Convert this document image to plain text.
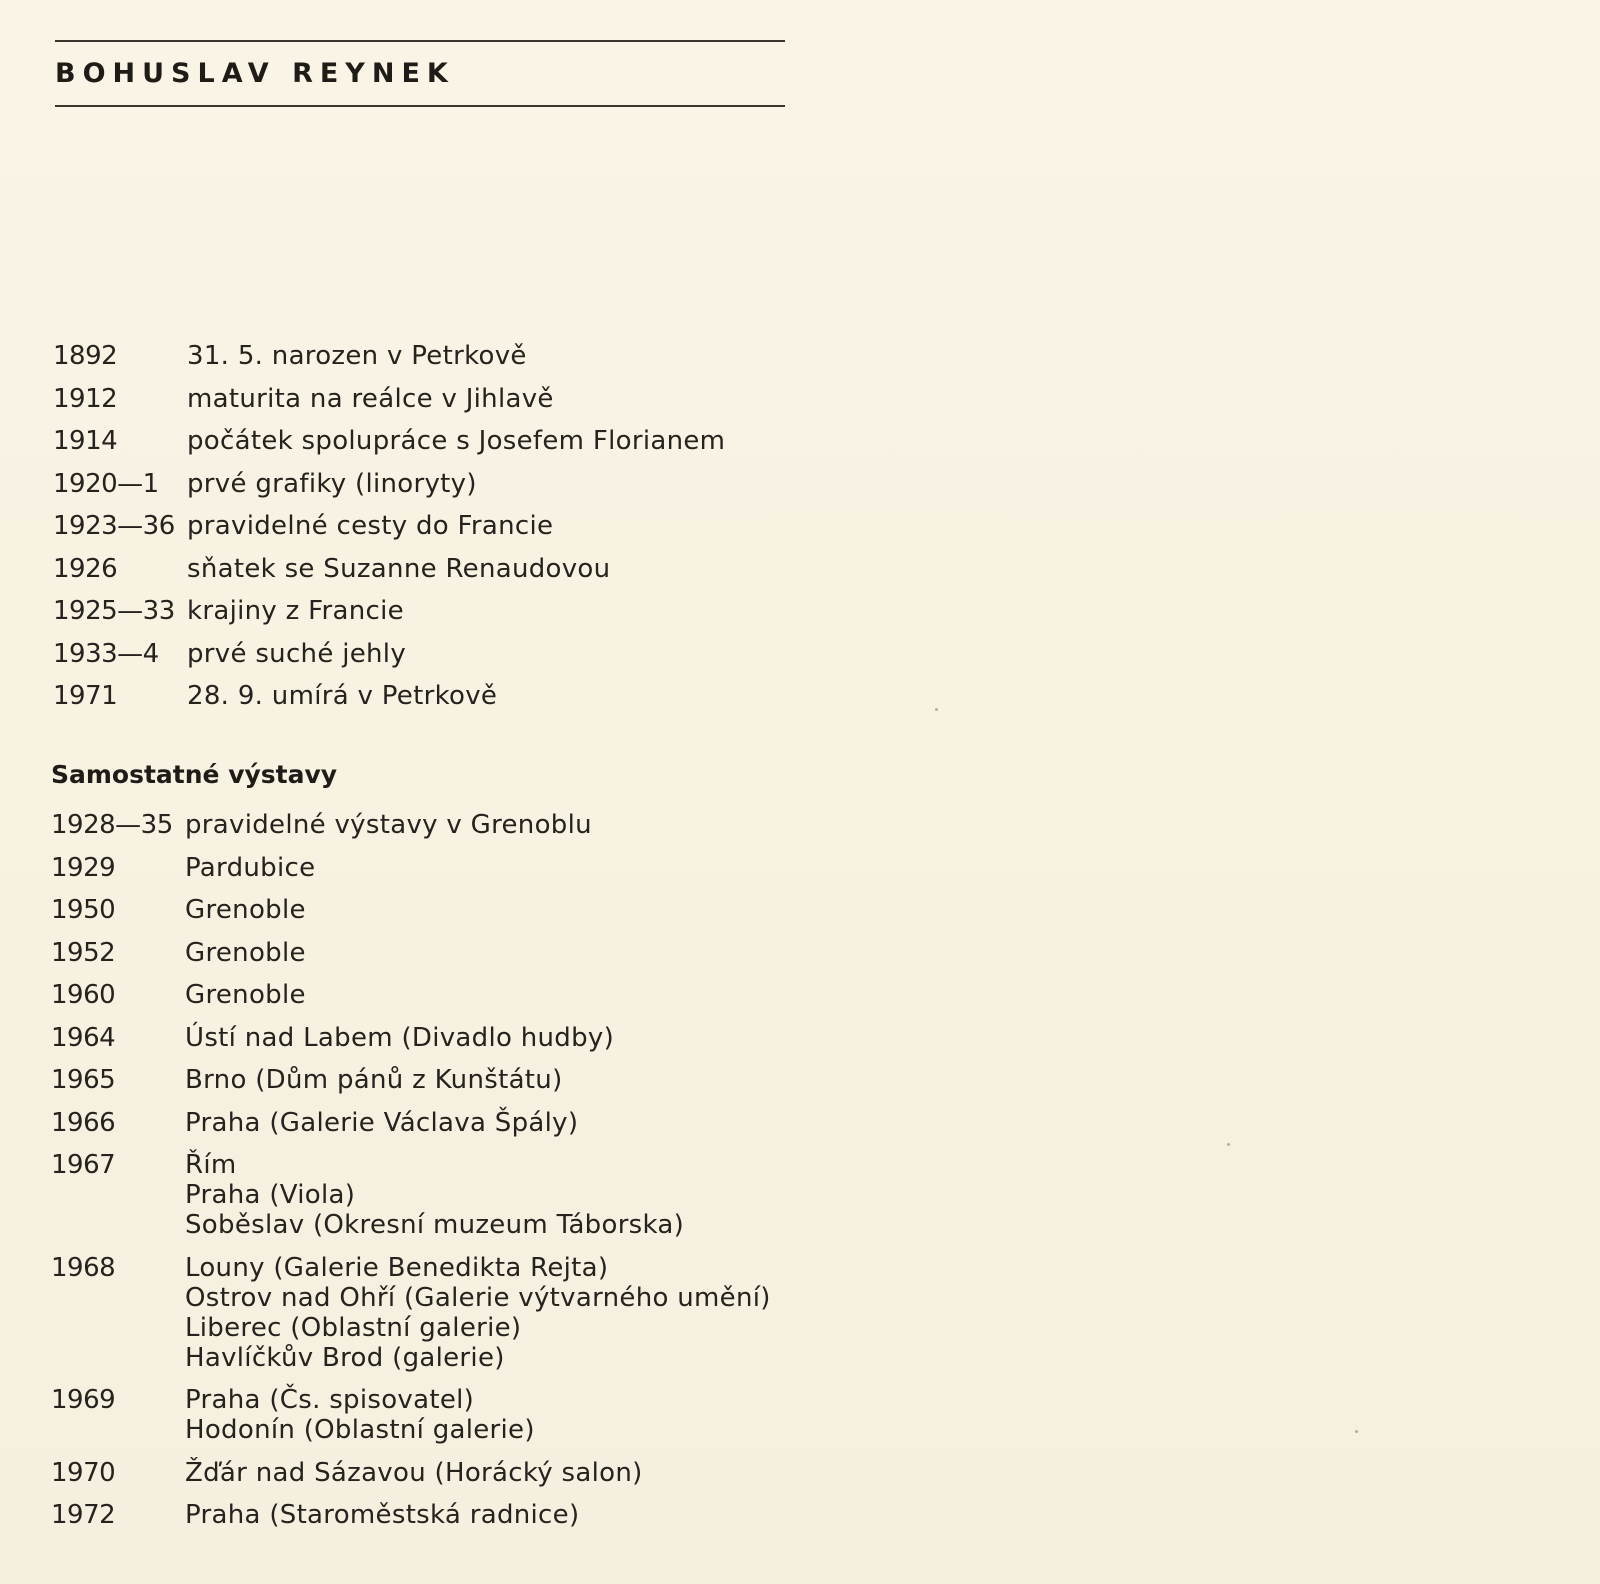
BOHUSLAV REYNEK
1892	31. 5. narozen v Petrkově
1912	maturita na reálce v Jihlavě
1914	počátek spolupráce s Josefem Florianem
1920—1	prvé grafiky (linoryty)
1923—36 pravidelné cesty do Francie
1926	sňatek se Suzanne Renaudovou
1925—33 krajiny z Francie
1933—4	prvé suché jehly
1971	28. 9. umírá v Petrkově
Samostatné výstavy
1928—35 pravidelné výstavy v Grenoblu
1929	Pardubice
1950	Grenoble
1952	Grenoble
1960	Grenoble
1964	Ústí nad Labem (Divadlo hudby)
1965	Brno (Dům pánů z Kunštátu)
1966	Praha (Galerie Václava Špály)
1967	Řím
Praha (Viola)
Soběslav (Okresní muzeum Táborska)
1968	Louny (Galerie Benedikta Rejta)
Ostrov nad Ohří (Galerie výtvarného umění)
Liberec (Oblastní galerie)
Havlíčkův Brod (galerie)
1969	Praha (Čs. spisovatel)
Hodonín (Oblastní galerie)
1970	Žďár nad Sázavou (Horácký salon)
1972	Praha (Staroměstská radnice)
